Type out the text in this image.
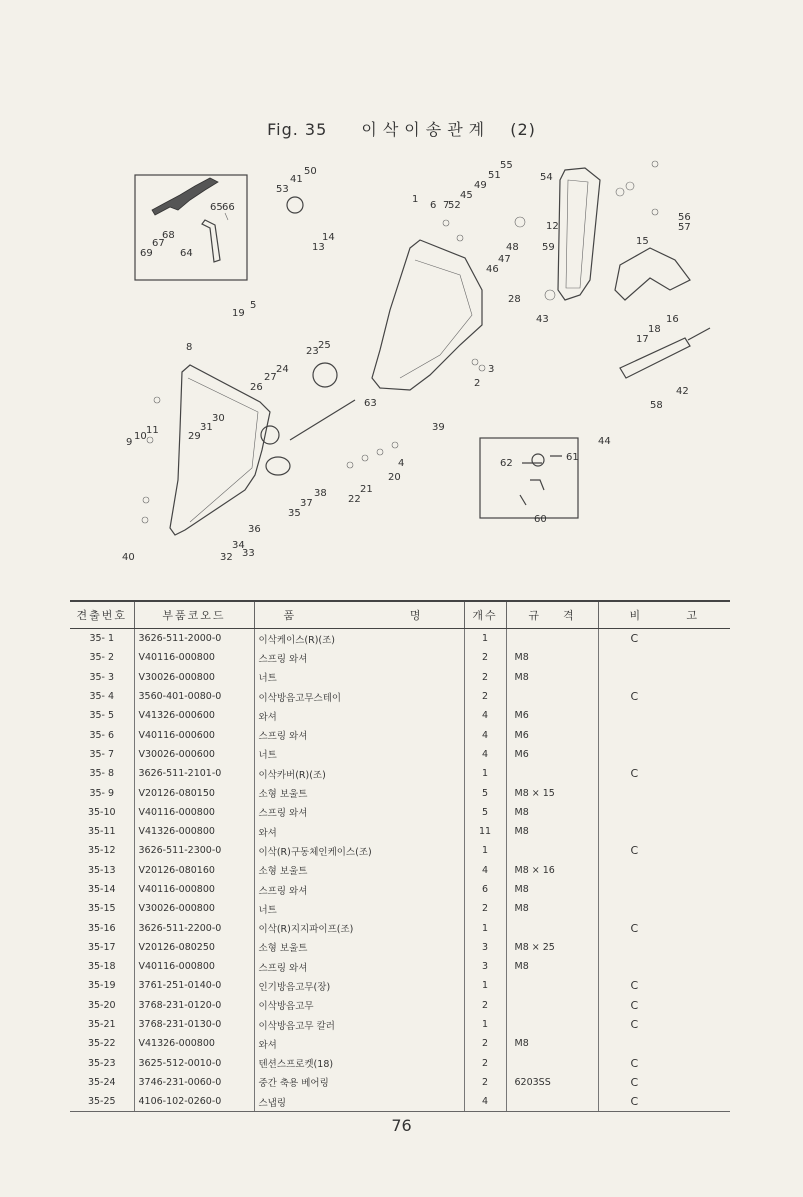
Fig. 35 이삭이송관계 (2)
1
2
3
4
5
6 7
8
9
10
11
12
13
14	15
16
17
18
19
20
21
22
23
24
25
26
27
28
29
30
31
32 33
34
35
36
37
38
39
40
41
42
43
44
45
46
47
48
49
50	51
52
53
54
55
56
57
58
59
60
61
62
63
64
65 66
67
68
69
견출번호	부품코오드	품 명	개수	규 격	비 고

35- 1	3626-511-2000-0	이삭케이스(R)(조)	1		C
35- 2	V40116-000800	스프링 와셔	2	M8	
35- 3	V30026-000800	너트	2	M8	
35- 4	3560-401-0080-0	이삭방음고무스테이	2		C
35- 5	V41326-000600	와셔	4	M6	
35- 6	V40116-000600	스프링 와셔	4	M6	
35- 7	V30026-000600	너트	4	M6	
35- 8	3626-511-2101-0	이삭카버(R)(조)	1		C
35- 9	V20126-080150	소형 보울트	5	M8 × 15	
35-10	V40116-000800	스프링 와셔	5	M8	
35-11	V41326-000800	와셔	11	M8	
35-12	3626-511-2300-0	이삭(R)구동체인케이스(조)	1		C
35-13	V20126-080160	소형 보울트	4	M8 × 16	
35-14	V40116-000800	스프링 와셔	6	M8	
35-15	V30026-000800	너트	2	M8	
35-16	3626-511-2200-0	이삭(R)지지파이프(조)	1		C
35-17	V20126-080250	소형 보울트	3	M8 × 25	
35-18	V40116-000800	스프링 와셔	3	M8	
35-19	3761-251-0140-0	인기방음고무(장)	1		C
35-20	3768-231-0120-0	이삭방음고무	2		C
35-21	3768-231-0130-0	이삭방음고무 칼러	1		C
35-22	V41326-000800	와셔	2	M8	
35-23	3625-512-0010-0	텐션스프로켓(18)	2		C
35-24	3746-231-0060-0	중간 축용 베어링	2	6203SS	C
35-25	4106-102-0260-0	스냅링	4		C
76
